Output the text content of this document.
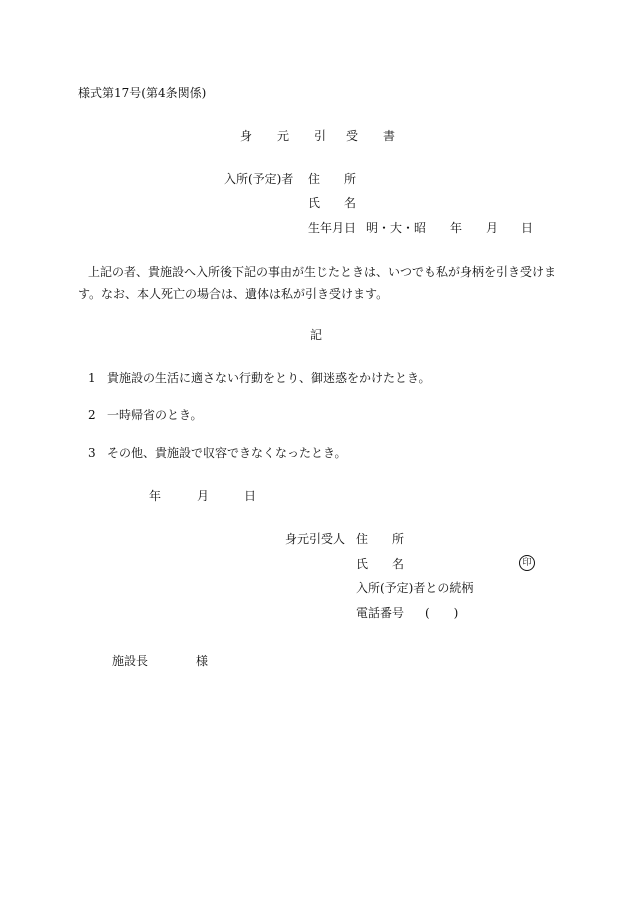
様式第17号(第4条関係)
身 元 引 受 書
入所(予定)者 住　　所
氏　　名
生年月日 明・大・昭 年 月 日
上記の者、貴施設へ入所後下記の事由が生じたときは、いつでも私が身柄を引き受けます。なお、本人死亡の場合は、遺体は私が引き受けます。
記
1 貴施設の生活に適さない行動をとり、御迷惑をかけたとき。
2 一時帰省のとき。
3 その他、貴施設で収容できなくなったとき。
年	月	日
身元引受人 住　　所
氏　　名	印
入所(予定)者との続柄
電話番号 (　　)
施設長	様
